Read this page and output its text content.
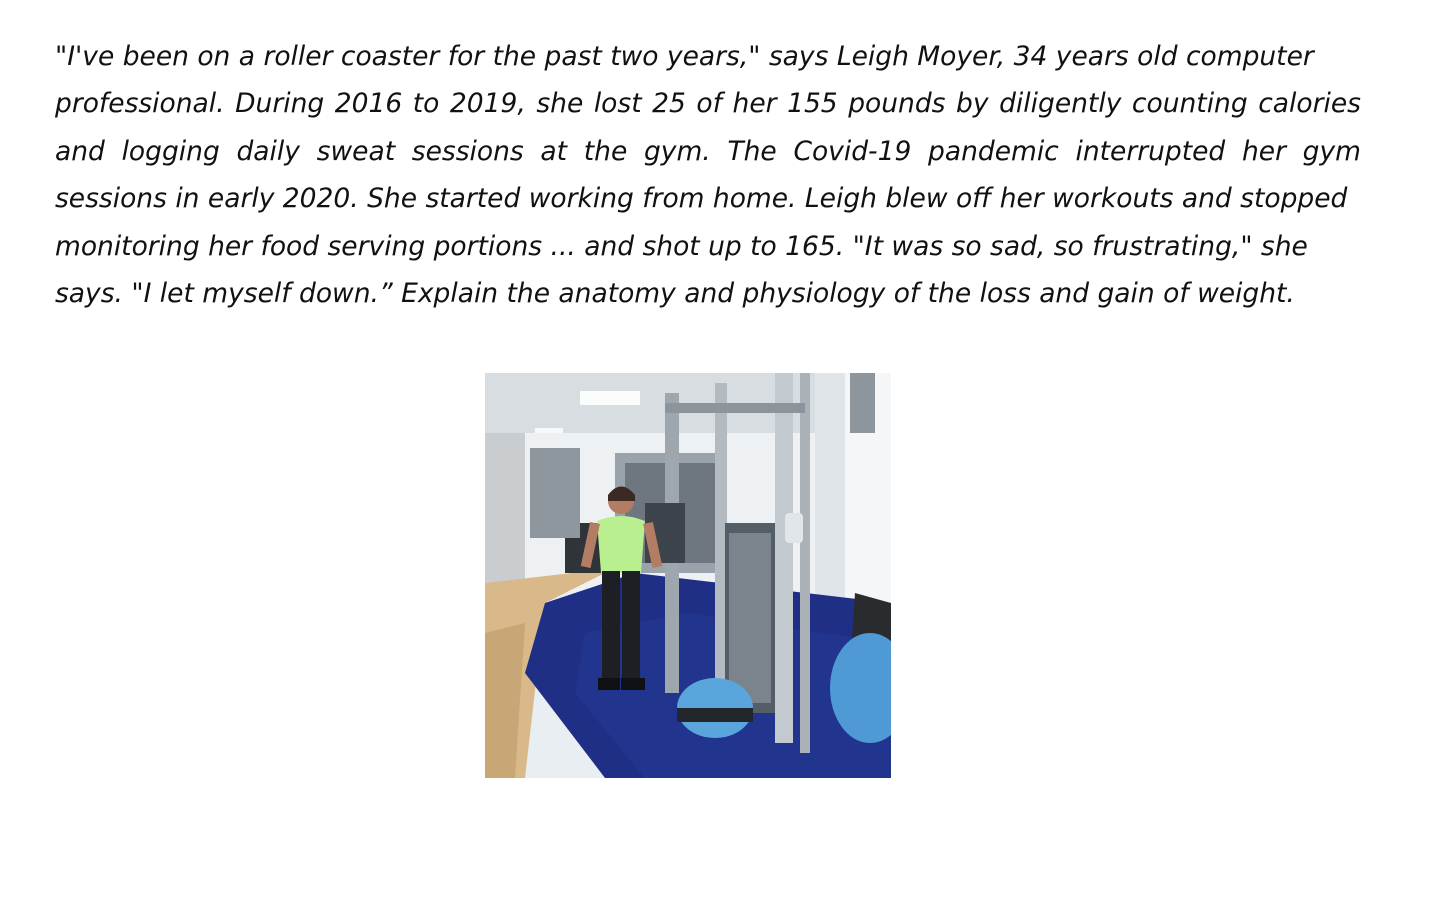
"I've been on a roller coaster for the past two years," says Leigh Moyer, 34 years old computer
professional. During 2016 to 2019, she lost 25 of her 155 pounds by diligently counting calories
and logging daily sweat sessions at the gym. The Covid-19 pandemic interrupted her gym
sessions in early 2020. She started working from home. Leigh blew off her workouts and stopped
monitoring her food serving portions ... and shot up to 165. "It was so sad, so frustrating," she
says. "I let myself down.” Explain the anatomy and physiology of the loss and gain of weight.
